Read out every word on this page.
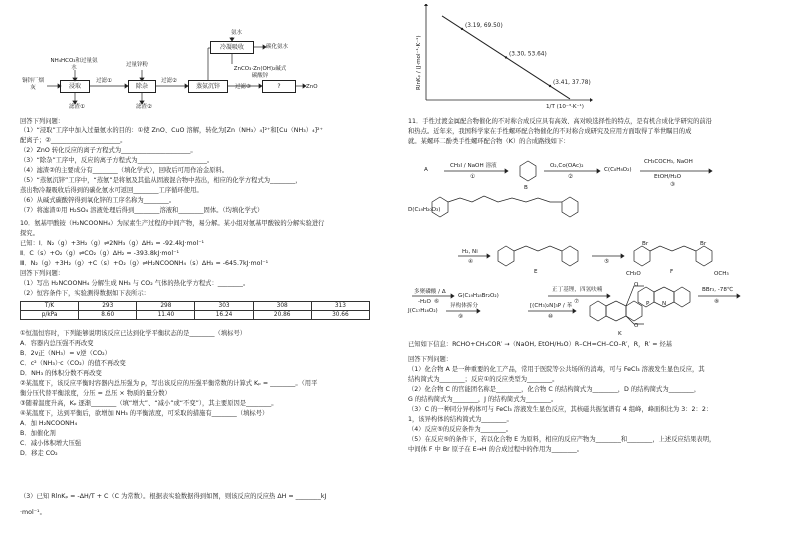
铜锌厂烟灰
NH₄HCO₃和过量氨水
浸取
过滤①
滤渣①
过量锌粉
除杂
过滤②
滤渣②
蒸氨沉锌
氨水
冷凝吸收	碳化氨水
ZnCO₃·Zn(OH)₂碱式碳酸锌
过滤③	?	ZnO
回答下列问题：
（1）“浸取”工序中加入过量氨水的目的：①使 ZnO、CuO 溶解，转化为[Zn（NH₃）₄]²⁺和[Cu（NH₃）₄]²⁺
配离子；②______________________。
（2）ZnO 转化反应的离子方程式为______________________。
（3）“除杂”工序中，反应的离子方程式为______________________。
（4）滤渣②的主要成分有________（填化学式），回收后可用作冶金原料。
（5）“蒸氨沉锌”工序中，“蒸氨”是将氨及其盐从固液混合物中蒸出，相应的化学方程式为________，
蒸出物冷凝吸收后得到的碳化氨水可返回________工序循环使用。
（6）从碱式碳酸锌得到氧化锌的工序名称为________。
（7）将滤渣①用 H₂SO₄ 溶液处理后得到________溶液和________固体。（均填化学式）
10．氨基甲酸铵（H₂NCOONH₄）为尿素生产过程的中间产物，易分解。某小组对氨基甲酸铵的分解实验进行
探究。
已知：Ⅰ．N₂（g）+3H₂（g）⇌2NH₃（g）ΔH₁ = -92.4kJ·mol⁻¹
Ⅱ．C（s）+O₂（g）⇌CO₂（g）ΔH₂ = -393.8kJ·mol⁻¹
Ⅲ．N₂（g）+3H₂（g）+C（s）+O₂（g）⇌H₂NCOONH₄（s）ΔH₃ = -645.7kJ·mol⁻¹
回答下列问题：
（1）写出 H₂NCOONH₄ 分解生成 NH₃ 与 CO₂ 气体的热化学方程式：________。
（2）恒容条件下，实验测得数据如下表所示：
T/K	293	298	303	308	313
p/kPa	8.60	11.40	16.24	20.86	30.66
①恒温恒容时，下列能够说明该反应已达到化学平衡状态的是________（填标号）
A．容器内总压强不再改变
B．2v正（NH₃）= v逆（CO₂）
C．c²（NH₃）·c（CO₂）的值不再改变
D．NH₃ 的体积分数不再改变
②某温度下，该反应平衡时容器内总压强为 p，写出该反应的压强平衡常数的计算式 Kₚ = ________。（用平
衡分压代替平衡浓度，分压 = 总压 × 物质的量分数）
③随着温度升高，Kₚ 逐渐________（填“增大”、“减小”或“不变”），其主要原因是________。
④某温度下，达到平衡后，欲增加 NH₃ 的平衡浓度，可采取的措施有________（填标号）
A．加 H₂NCOONH₄
B．加催化剂
C．减小体积增大压强
D．移走 CO₂
（3）已知 RlnKₚ = -ΔH/T + C（C 为常数）。根据表实验数据得到如图，则该反应的反应热 ΔH = ________kJ
·mol⁻¹。
(3.19, 69.50)
(3.30, 53.64)
(3.41, 37.78)
RlnKₚ / (J·mol⁻¹·K⁻¹)
1/T (10⁻³·K⁻¹)
11．手性过渡金属配合物催化的不对称合成反应具有高效、高对映选择性的特点，是有机合成化学研究的前沿
和热点。近年来，我国科学家在手性螺环配合物催化的不对称合成研究及应用方面取得了举世瞩目的成
就。某螺环二酚类手性螺环配合物（K）的合成路线如下：
A
CH₃I / NaOH 溶液
①
B
O₂,Co(OAc)₂
②
C(C₈H₈O₂)
CH₃COCH₃, NaOH
EtOH/H₂O
③
D(C₁₉H₂₀O₃)
H₂, Ni
④
E
⑤
F
Br	Br
CH₃O	OCH₃
多聚磷酸 / Δ
-H₂O ⑥
G(C₁₉H₁₈Br₂O₂)
正丁基锂，四氢呋喃
⑦
BBr₃, -78℃
⑧
J(C₁₇H₁₆O₂)
异构体拆分
⑨
[(CH₃)₂N]₃P / 苯
⑩
O
P N
O
K
已知如下信息：RCHO+CH₃COR′ →（NaOH, EtOH/H₂O）R–CH=CH–CO–R′，R，R′ = 烃基
回答下列问题：
（1）化合物 A 是一种重要的化工产品，常用于医院等公共场所的消毒，可与 FeCl₃ 溶液发生显色反应，其
结构简式为________；反应①的反应类型为________。
（2）化合物 C 的官能团名称是________，化合物 C 的结构简式为________，D 的结构简式为________，
G 的结构简式为________，J 的结构简式为________。
（3）C 的一种同分异构体可与 FeCl₃ 溶液发生显色反应，其核磁共振氢谱有 4 组峰，峰面积比为 3：2：2：
1，该异构体的结构简式为________。
（4）反应⑤的反应条件为________。
（5）在反应⑤的条件下，若以化合物 E 为原料，相应的反应产物为________和________，上述反应结果表明，
中间体 F 中 Br 原子在 E→H 的合成过程中的作用为________。
